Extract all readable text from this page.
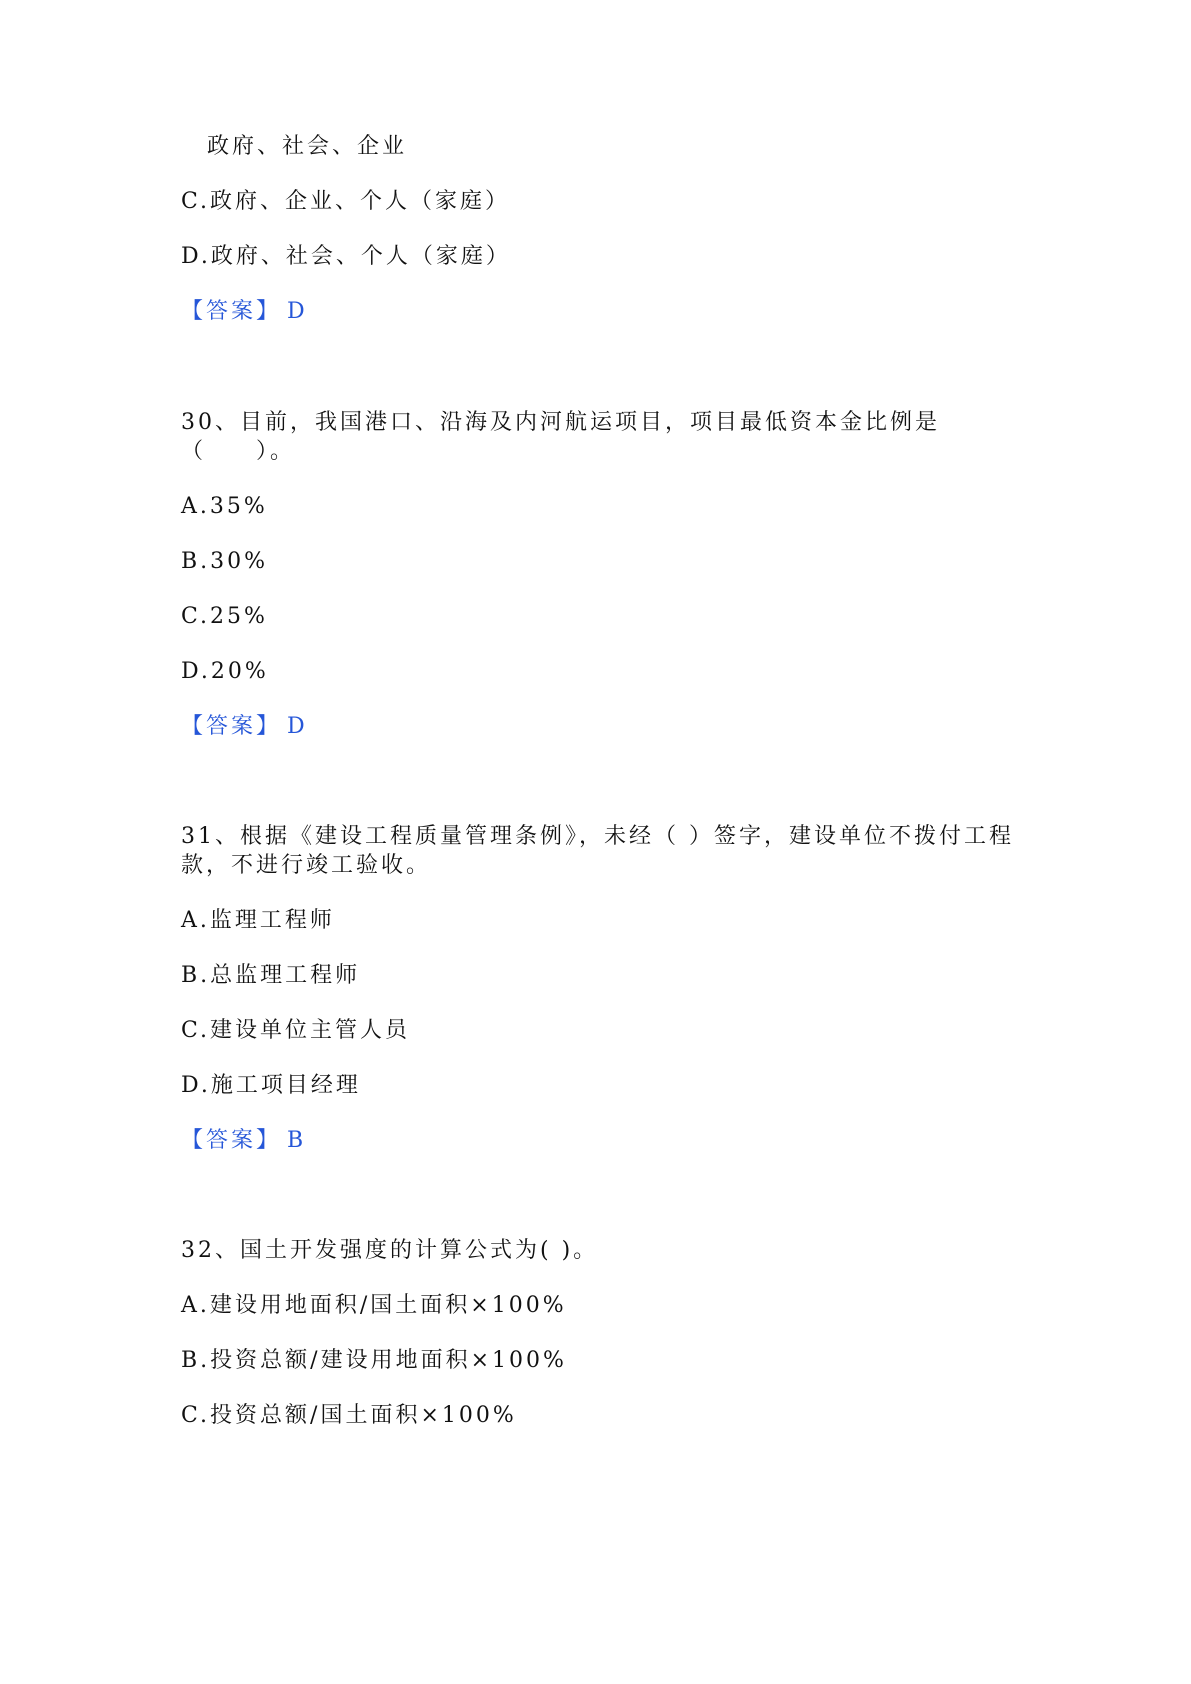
政府、社会、企业
C.政府、企业、个人（家庭）
D.政府、社会、个人（家庭）
【答案】 D
30、目前，我国港口、沿海及内河航运项目，项目最低资本金比例是
（　　）。
A.35%
B.30%
C.25%
D.20%
【答案】 D
31、根据《建设工程质量管理条例》，未经（ ）签字，建设单位不拨付工程
款，不进行竣工验收。
A.监理工程师
B.总监理工程师
C.建设单位主管人员
D.施工项目经理
【答案】 B
32、国土开发强度的计算公式为( )。
A.建设用地面积/国土面积×100%
B.投资总额/建设用地面积×100%
C.投资总额/国土面积×100%
